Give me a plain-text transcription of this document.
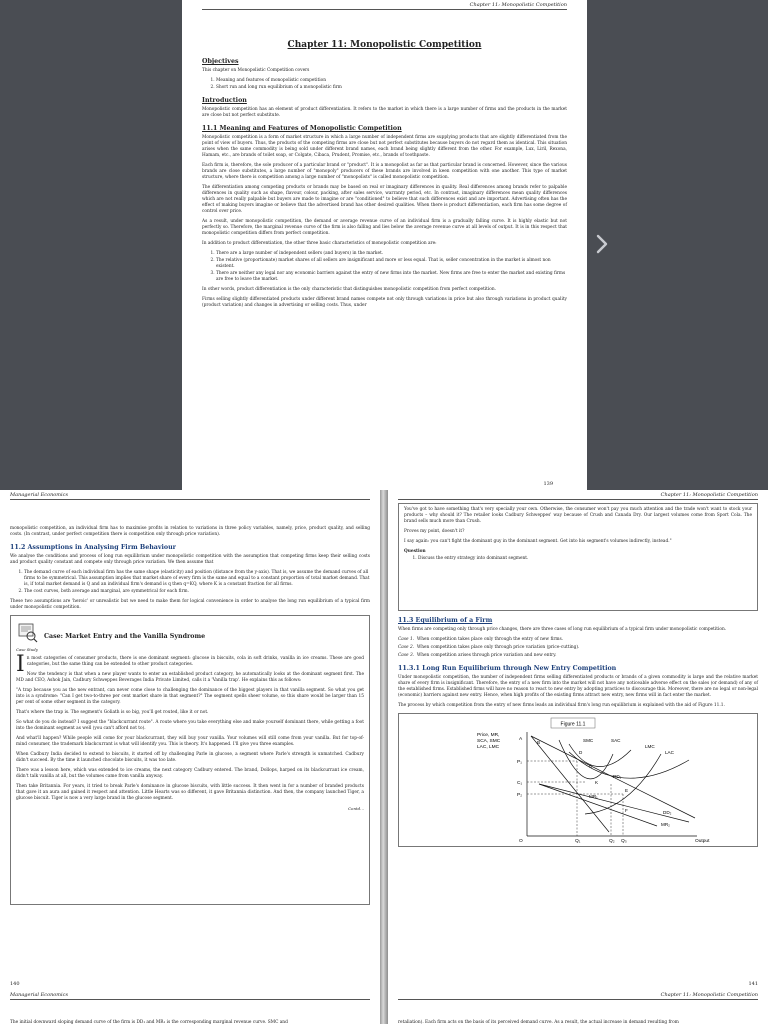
Chapter 11: Monopolistic Competition
Chapter 11: Monopolistic Competition
Objectives

This chapter on Monopolistic Competition covers

1. Meaning and features of monopolistic competition
2. Short run and long run equilibrium of a monopolistic firm
Introduction

Monopolistic competition has an element of product differentiation. It refers to the market in which there is a large number of firms and the products in the market are close but not perfect substitute.

11.1 Meaning and Features of Monopolistic Competition

Monopolistic competition is a form of market structure in which a large number of independent firms are supplying products that are slightly differentiated from the point of view of buyers. Thus, the products of the competing firms are close but not perfect substitutes because buyers do not regard them as identical. This situation arises when the same commodity is being sold under different brand names, each brand being slightly different from the other. For example, Lux, Liril, Rexona, Hamam, etc., are brands of toilet soap, or Colgate, Cibaca, Prudent, Promise, etc., brands of toothpaste.

Each firm is, therefore, the sole producer of a particular brand or "product". It is a monopolist as far as that particular brand is concerned. However, since the various brands are close substitutes, a large number of "monopoly" producers of these brands are involved in keen competition with one another. This type of market structure, where there is competition among a large number of "monopolists" is called monopolistic competition.

The differentiation among competing products or brands may be based on real or imaginary differences in quality. Real differences among brands refer to palpable differences in quality such as shape, flavour, colour, packing, after sales service, warranty period, etc. In contrast, imaginary differences mean quality differences which are not really palpable but buyers are made to imagine or are "conditioned" to believe that such differences exist and are important. Advertising often has the effect of making buyers imagine or believe that the advertised brand has other desired qualities. When there is product differentiation, each firm has some degree of control over price.

As a result, under monopolistic competition, the demand or average revenue curve of an individual firm is a gradually falling curve. It is highly elastic but not perfectly so. Therefore, the marginal revenue curve of the firm is also falling and lies below the average revenue curve at all levels of output. It is in this respect that monopolistic competition differs from perfect competition.

In addition to product differentiation, the other three basic characteristics of monopolistic competition are:

1. There are a large number of independent sellers (and buyers) in the market.
2. The relative (proportionate) market shares of all sellers are insignificant and more or less equal. That is, seller concentration in the market is almost non existent.
3. There are neither any legal nor any economic barriers against the entry of new firms into the market. New firms are free to enter the market and existing firms are free to leave the market.

In other words, product differentiation is the only characteristic that distinguishes monopolistic competition from perfect competition.

Firms selling slightly differentiated products under different brand names compete not only through variations in price but also through variations in product quality (product variation) and changes in advertising or selling costs. Thus, under

139
Managerial Economics

monopolistic competition, an individual firm has to maximise profits in relation to variations in three policy variables, namely, price, product quality, and selling costs. (In contrast, under perfect competition there is competition only through price variation).

11.2 Assumptions in Analysing Firm Behaviour

We analyse the conditions and process of long run equilibrium under monopolistic competition with the assumption that competing firms keep their selling costs and product quality constant and compete only through price variation. We then assume that

1. The demand curve of each individual firm has the same shape (elasticity) and position (distance from the y-axis). That is, we assume the demand curves of all firms to be symmetrical. This assumption implies that market share of every firm is the same and equal to a constant proportion of total market demand. That is, if total market demand is Q and an individual firm's demand is q then q=KQ, where K is a constant fraction for all firms.
2. The cost curves, both average and marginal, are symmetrical for each firm.

These two assumptions are 'heroic' or unrealistic but we need to make them for logical convenience in order to analyse the long run equilibrium of a typical firm under monopolistic competition.

Case Study
Case: Market Entry and the Vanilla Syndrome

In most categories of consumer products, there is one dominant segment: glucose in biscuits, cola in soft drinks, vanilla in ice creams. These are good categories, but the same thing can be extended to other product categories.

Now the tendency is that when a new player wants to enter an established product category, he automatically looks at the dominant segment first. The MD and CEO, Ashok Jain, Cadbury Schweppes Beverages India Private Limited, calls it a 'Vanilla trap'. He explains this as follows:

"A trap because you as the new entrant, can never come close to challenging the dominance of the biggest players in that vanilla segment. So what you get into is a syndrome: "Can I get two-to-three per cent market share in that segment?" The segment spells sheer volume, so this share would be larger than 15 per cent of some other segment in the category.

That's where the trap is. The segment's Goliath is so big, you'll get routed, like it or not.

So what do you do instead? I suggest the "blackcurrant route". A route where you take everything else and make yourself dominant there, while getting a foot into the dominant segment as well (you can't afford not to).

And what'll happen? While people will come for your blackcurrant, they will buy your vanilla. Your volumes will still come from your vanilla. But for top-of-mind consumer, the trademark blackcurrant is what will identify you. This is theory. It's happened. I'll give you three examples.

When Cadbury India decided to extend to biscuits, it started off by challenging Parle in glucose, a segment where Parle's strength is unmatched. Cadbury didn't succeed. By the time it launched chocolate biscuits, it was too late.

There was a lesson here, which was extended to ice creams, the next category Cadbury entered. The brand, Dollops, harped on its blackcurrant ice cream, didn't talk vanilla at all, but the volumes came from vanilla anyway.

Then take Britannia. For years, it tried to break Parle's dominance in glucose biscuits, with little success. It then went in for a number of branded products that gave it an aura and gained it respect and attention. Little Hearts was so different, it gave Britannia distinction. And then, the company launched Tiger, a glucose biscuit. Tiger is now a very large brand in the glucose segment.

Contd...
140
Chapter 11: Monopolistic Competition

You've got to have something that's very specially your own. Otherwise, the consumer won't pay you much attention and the trade won't want to stock your products – why should it? The retailer looks Cadbury Schweppes' way because of Crush and Canada Dry. Our largest volumes come from Sport Cola. The brand sells much more than Crush.

Proves my point, doesn't it?

I say again: you can't fight the dominant guy in the dominant segment. Get into his segment's volumes indirectly, instead."

Question
1. Discuss the entry strategy into dominant segment.
11.3 Equilibrium of a Firm

When firms are competing only through price changes, there are three cases of long run equilibrium of a typical firm under monopolistic competition.

Case 1. When competition takes place only through the entry of new firms.

Case 2. When competition takes place only through price variation (price-cutting).

Case 3. When competition arises through price variation and new entry.

11.3.1 Long Run Equilibrium through New Entry Competition

Under monopolistic competition, the number of independent firms selling differentiated products or brands of a given commodity is large and the relative market share of every firm is insignificant. Therefore, the entry of a new firm into the market will not have any noticeable adverse effect on the sales (or demand) of any of the established firms. Established firms will have no reason to react to new entry by adopting practices to discourage this. Moreover, there are no legal or non-legal (economic) barriers against new entry. Hence, when high profits of the existing firms attract new entry, new firms will in fact enter the market.

The process by which competition from the entry of new firms leads an individual firm's long run equilibrium is explained with the aid of Figure 11.1.

Figure 11.1
Price, MR,
SCA, SMC
LAC, LMC
Output
O
A
P₁
C₁
P₂
Q₁	Q₂ Q₃
SMC	SAC
LMC
LAC
DD₁
DD₂
MR₁
MR₂
B
D
C
K
E
F
141
Managerial Economics

The initial downward sloping demand curve of the firm is DD₁ and MR₁ is the corresponding marginal revenue curve. SMC and

Chapter 11: Monopolistic Competition

retaliation). Each firm acts on the basis of its perceived demand curve. As a result, the actual increase in demand resulting from
